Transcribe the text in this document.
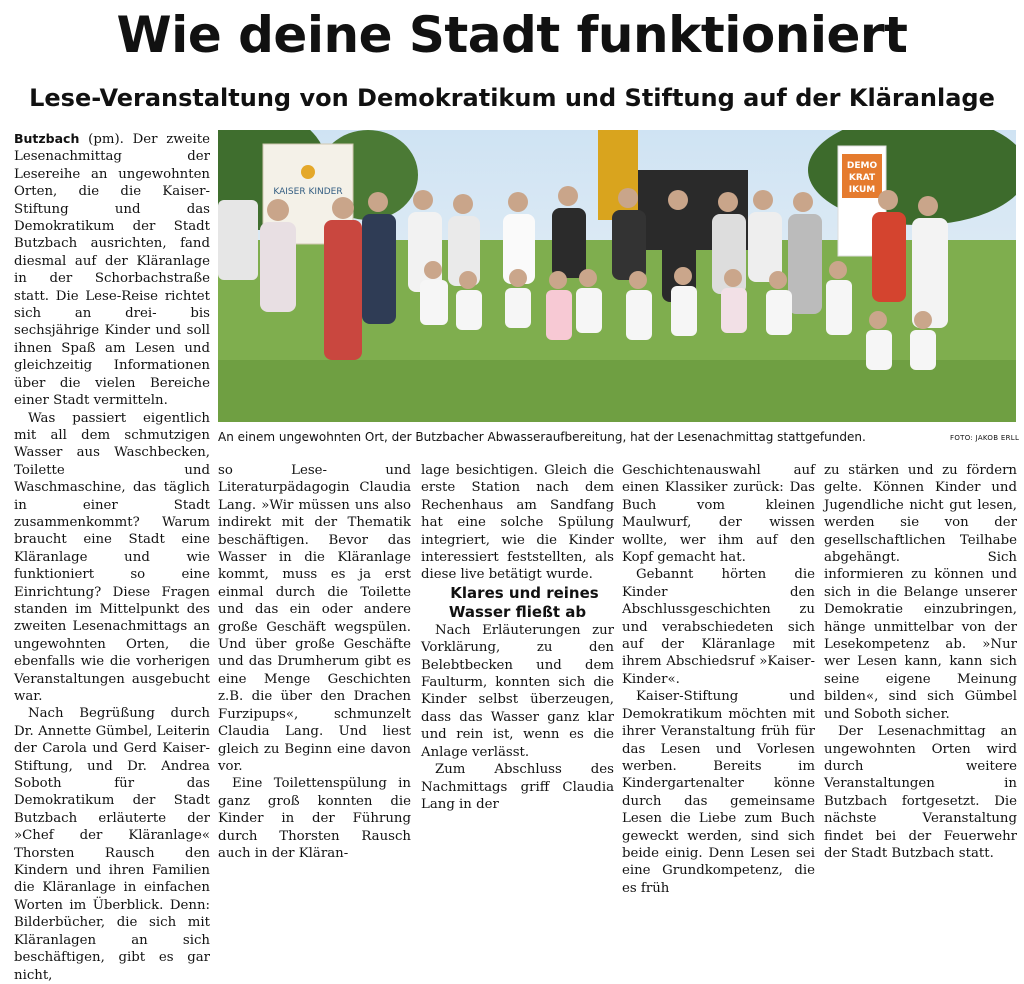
Wie deine Stadt funktioniert
Lese-Veranstaltung von Demokratikum und Stiftung auf der Kläranlage

Butzbach (pm). Der zweite Lesenachmittag der Lesereihe an ungewohnten Orten, die die Kaiser-Stiftung und das Demokratikum der Stadt Butzbach ausrichten, fand diesmal auf der Kläranlage in der Schorbachstraße statt. Die Lese-Reise richtet sich an drei- bis sechsjährige Kinder und soll ihnen Spaß am Lesen und gleichzeitig Informationen über die vielen Bereiche einer Stadt vermitteln.

Was passiert eigentlich mit all dem schmutzigen Wasser aus Waschbecken, Toilette und Waschmaschine, das täglich in einer Stadt zusammenkommt? Warum braucht eine Stadt eine Kläranlage und wie funktioniert so eine Einrichtung? Diese Fragen standen im Mittelpunkt des zweiten Lesenachmittags an ungewohnten Orten, die ebenfalls wie die vorherigen Veranstaltungen ausgebucht war.

Nach Begrüßung durch Dr. Annette Gümbel, Leiterin der Carola und Gerd Kaiser-Stiftung, und Dr. Andrea Soboth für das Demokratikum der Stadt Butzbach erläuterte der »Chef der Kläranlage« Thorsten Rausch den Kindern und ihren Familien die Kläranlage in einfachen Worten im Überblick. Denn: Bilderbücher, die sich mit Kläranlagen an sich beschäftigen, gibt es gar nicht,

KAISER KINDER
DEMO
KRAT
IKUM
An einem ungewohnten Ort, der Butzbacher Abwasseraufbereitung, hat der Lesenachmittag stattgefunden.	FOTO: JAKOB ERLL

so Lese- und Literaturpädagogin Claudia Lang. »Wir müssen uns also indirekt mit der Thematik beschäftigen. Bevor das Wasser in die Kläranlage kommt, muss es ja erst einmal durch die Toilette und das ein oder andere große Geschäft wegspülen. Und über große Geschäfte und das Drumherum gibt es eine Menge Geschichten z.B. die über den Drachen Furzipups«, schmunzelt Claudia Lang. Und liest gleich zu Beginn eine davon vor.

Eine Toilettenspülung in ganz groß konnten die Kinder in der Führung durch Thorsten Rausch auch in der Kläran-

lage besichtigen. Gleich die erste Station nach dem Rechenhaus am Sandfang hat eine solche Spülung integriert, wie die Kinder interessiert feststellten, als diese live betätigt wurde.

Klares und reines Wasser fließt ab

Nach Erläuterungen zur Vorklärung, zu den Belebtbecken und dem Faulturm, konnten sich die Kinder selbst überzeugen, dass das Wasser ganz klar und rein ist, wenn es die Anlage verlässt.

Zum Abschluss des Nachmittags griff Claudia Lang in der

Geschichtenauswahl auf einen Klassiker zurück: Das Buch vom kleinen Maulwurf, der wissen wollte, wer ihm auf den Kopf gemacht hat.

Gebannt hörten die Kinder den Abschlussgeschichten zu und verabschiedeten sich auf der Kläranlage mit ihrem Abschiedsruf »Kaiser-Kinder«.

Kaiser-Stiftung und Demokratikum möchten mit ihrer Veranstaltung früh für das Lesen und Vorlesen werben. Bereits im Kindergartenalter könne durch das gemeinsame Lesen die Liebe zum Buch geweckt werden, sind sich beide einig. Denn Lesen sei eine Grundkompetenz, die es früh

zu stärken und zu fördern gelte. Können Kinder und Jugendliche nicht gut lesen, werden sie von der gesellschaftlichen Teilhabe abgehängt. Sich informieren zu können und sich in die Belange unserer Demokratie einzubringen, hänge unmittelbar von der Lesekompetenz ab. »Nur wer Lesen kann, kann sich seine eigene Meinung bilden«, sind sich Gümbel und Soboth sicher.

Der Lesenachmittag an ungewohnten Orten wird durch weitere Veranstaltungen in Butzbach fortgesetzt. Die nächste Veranstaltung findet bei der Feuerwehr der Stadt Butzbach statt.
